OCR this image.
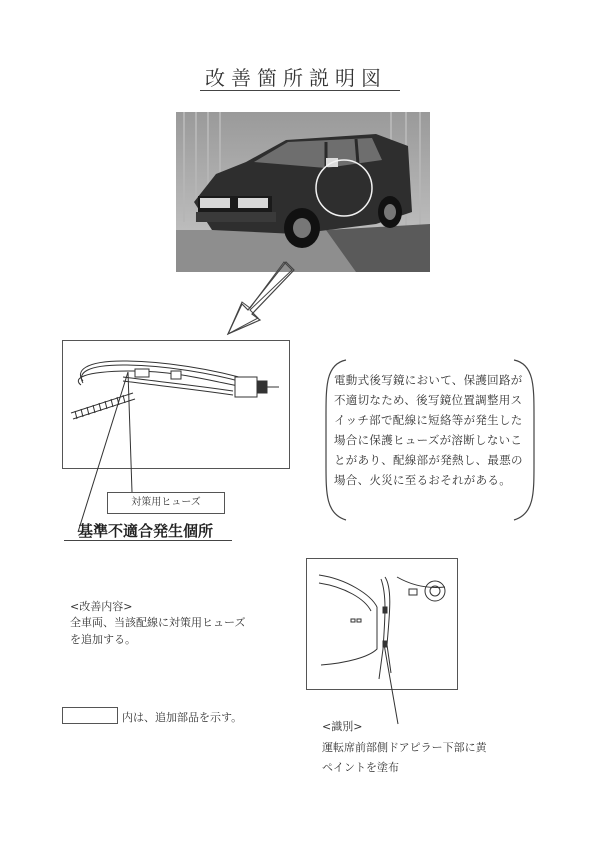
改善箇所説明図
対策用ヒューズ
基準不適合発生個所
電動式後写鏡において、保護回路が不適切なため、後写鏡位置調整用スイッチ部で配線に短絡等が発生した場合に保護ヒューズが溶断しないことがあり、配線部が発熱し、最悪の場合、火災に至るおそれがある。
<改善内容>
全車両、当該配線に対策用ヒューズを追加する。
内は、追加部品を示す。
<識別>
運転席前部側ドアピラー下部に黄ペイントを塗布
